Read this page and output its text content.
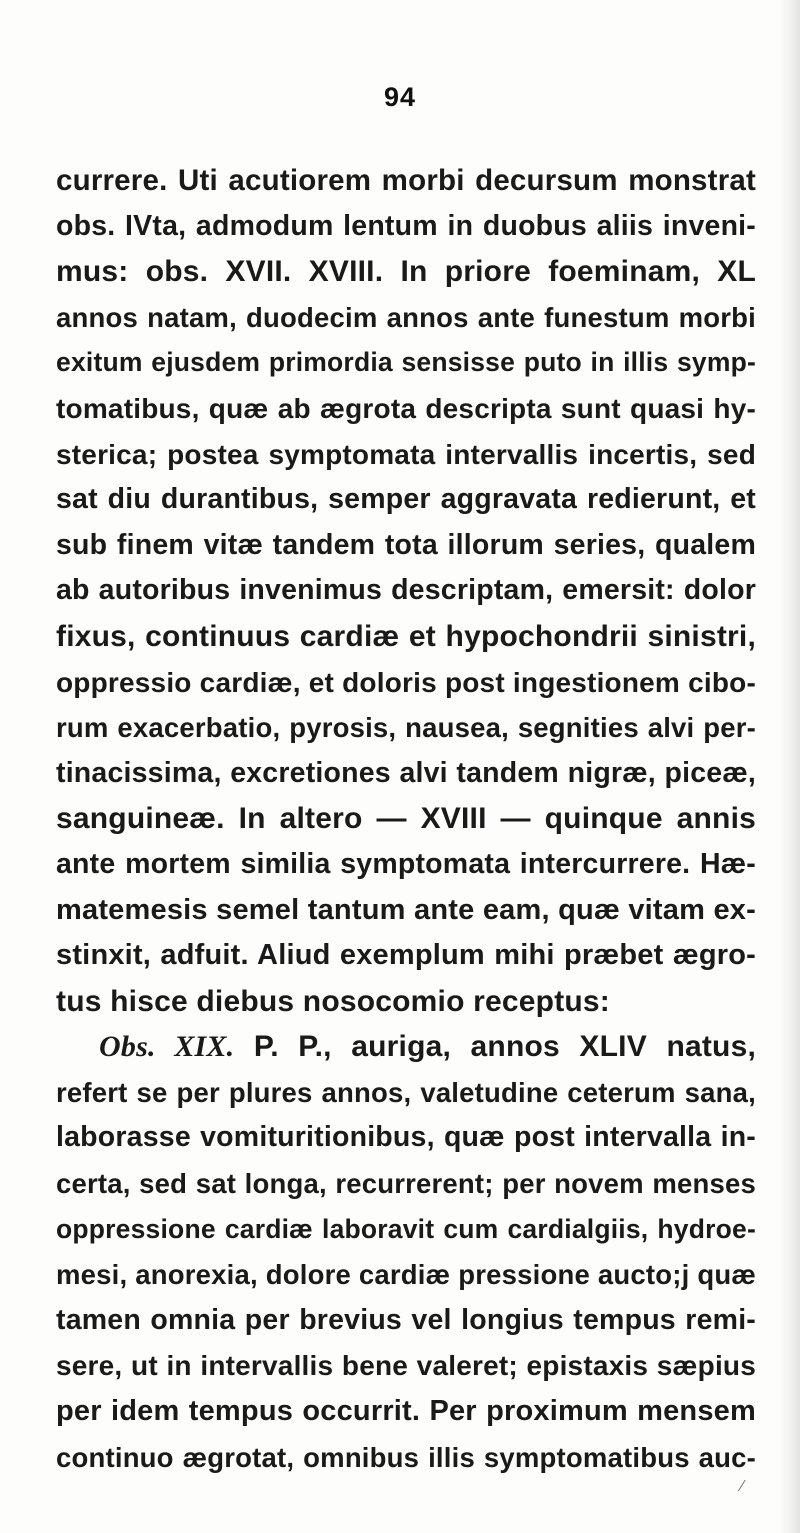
94
currere. Uti acutiorem morbi decursum monstrat
obs. IVta, admodum lentum in duobus aliis inveni-
mus: obs. XVII. XVIII. In priore foeminam, XL
annos natam, duodecim annos ante funestum morbi
exitum ejusdem primordia sensisse puto in illis symp-
tomatibus, quæ ab ægrota descripta sunt quasi hy-
sterica; postea symptomata intervallis incertis, sed
sat diu durantibus, semper aggravata redierunt, et
sub finem vitæ tandem tota illorum series, qualem
ab autoribus invenimus descriptam, emersit: dolor
fixus, continuus cardiæ et hypochondrii sinistri,
oppressio cardiæ, et doloris post ingestionem cibo-
rum exacerbatio, pyrosis, nausea, segnities alvi per-
tinacissima, excretiones alvi tandem nigræ, piceæ,
sanguineæ. In altero — XVIII — quinque annis
ante mortem similia symptomata intercurrere. Hæ-
matemesis semel tantum ante eam, quæ vitam ex-
stinxit, adfuit. Aliud exemplum mihi præbet ægro-
tus hisce diebus nosocomio receptus:
Obs. XIX. P. P., auriga, annos XLIV natus,
refert se per plures annos, valetudine ceterum sana,
laborasse vomituritionibus, quæ post intervalla in-
certa, sed sat longa, recurrerent; per novem menses
oppressione cardiæ laboravit cum cardialgiis, hydroe-
mesi, anorexia, dolore cardiæ pressione aucto;j quæ
tamen omnia per brevius vel longius tempus remi-
sere, ut in intervallis bene valeret; epistaxis sæpius
per idem tempus occurrit. Per proximum mensem
continuo ægrotat, omnibus illis symptomatibus auc-
⁄
